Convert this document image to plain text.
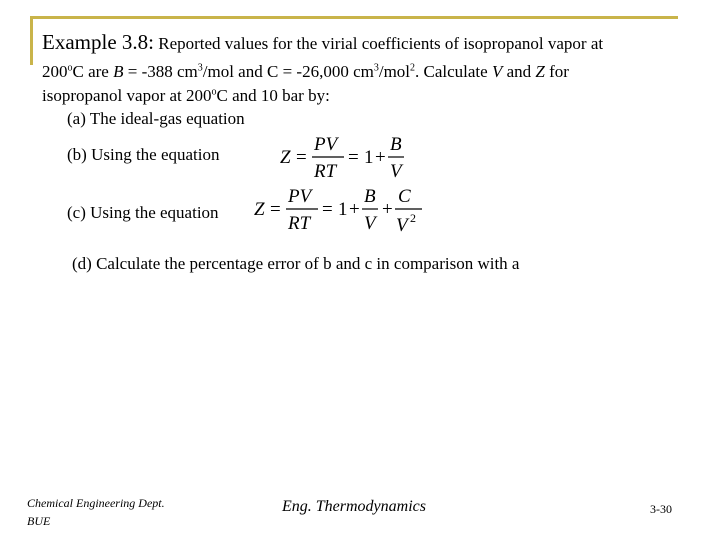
Example 3.8: Reported values for the virial coefficients of isopropanol vapor at
200$^o$C are B = -388 $cm^3$/mol and C = -26,000 $cm^3/mol^2$. Calculate V and Z for
isopropanol vapor at 200$^o$C and 10 bar by:
(a) The ideal-gas equation
(b) Using the equation	Z =
PV
RT
= 1 +
B
V
(c) Using the equation Z =
PV
RT
= 1 +
B
V
+
C
V 2
(d) Calculate the percentage error of b and c in comparison with a
Chemical Engineering Dept.
BUE
Eng. Thermodynamics	3-30
